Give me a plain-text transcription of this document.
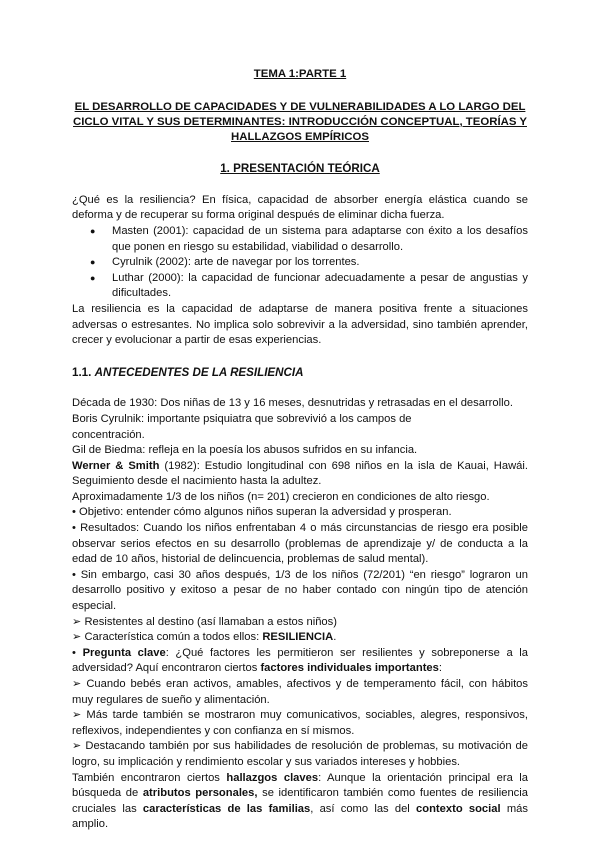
TEMA 1:PARTE 1

EL DESARROLLO DE CAPACIDADES Y DE VULNERABILIDADES A LO LARGO DEL CICLO VITAL Y SUS DETERMINANTES: INTRODUCCIÓN CONCEPTUAL, TEORÍAS Y HALLAZGOS EMPÍRICOS

1. PRESENTACIÓN TEÓRICA

¿Qué es la resiliencia? En física, capacidad de absorber energía elástica cuando se deforma y de recuperar su forma original después de eliminar dicha fuerza.

● Masten (2001): capacidad de un sistema para adaptarse con éxito a los desafíos que ponen en riesgo su estabilidad, viabilidad o desarrollo.
● Cyrulnik (2002): arte de navegar por los torrentes.
● Luthar (2000): la capacidad de funcionar adecuadamente a pesar de angustias y dificultades.

La resiliencia es la capacidad de adaptarse de manera positiva frente a situaciones adversas o estresantes. No implica solo sobrevivir a la adversidad, sino también aprender, crecer y evolucionar a partir de esas experiencias.

1.1. ANTECEDENTES DE LA RESILIENCIA

Década de 1930: Dos niñas de 13 y 16 meses, desnutridas y retrasadas en el desarrollo.

Boris Cyrulnik: importante psiquiatra que sobrevivió a los campos de concentración.

Gil de Biedma: refleja en la poesía los abusos sufridos en su infancia.

Werner & Smith (1982): Estudio longitudinal con 698 niños en la isla de Kauai, Hawái. Seguimiento desde el nacimiento hasta la adultez.

Aproximadamente 1/3 de los niños (n= 201) crecieron en condiciones de alto riesgo.

• Objetivo: entender cómo algunos niños superan la adversidad y prosperan.

• Resultados: Cuando los niños enfrentaban 4 o más circunstancias de riesgo era posible observar serios efectos en su desarrollo (problemas de aprendizaje y/ de conducta a la edad de 10 años, historial de delincuencia, problemas de salud mental).

• Sin embargo, casi 30 años después, 1/3 de los niños (72/201) “en riesgo” lograron un desarrollo positivo y exitoso a pesar de no haber contado con ningún tipo de atención especial.

➢ Resistentes al destino (así llamaban a estos niños)

➢ Característica común a todos ellos: RESILIENCIA.

• Pregunta clave: ¿Qué factores les permitieron ser resilientes y sobreponerse a la adversidad? Aquí encontraron ciertos factores individuales importantes:

➢ Cuando bebés eran activos, amables, afectivos y de temperamento fácil, con hábitos muy regulares de sueño y alimentación.

➢ Más tarde también se mostraron muy comunicativos, sociables, alegres, responsivos, reflexivos, independientes y con confianza en sí mismos.

➢ Destacando también por sus habilidades de resolución de problemas, su motivación de logro, su implicación y rendimiento escolar y sus variados intereses y hobbies.

También encontraron ciertos hallazgos claves: Aunque la orientación principal era la búsqueda de atributos personales, se identificaron también como fuentes de resiliencia cruciales las características de las familias, así como las del contexto social más amplio.
